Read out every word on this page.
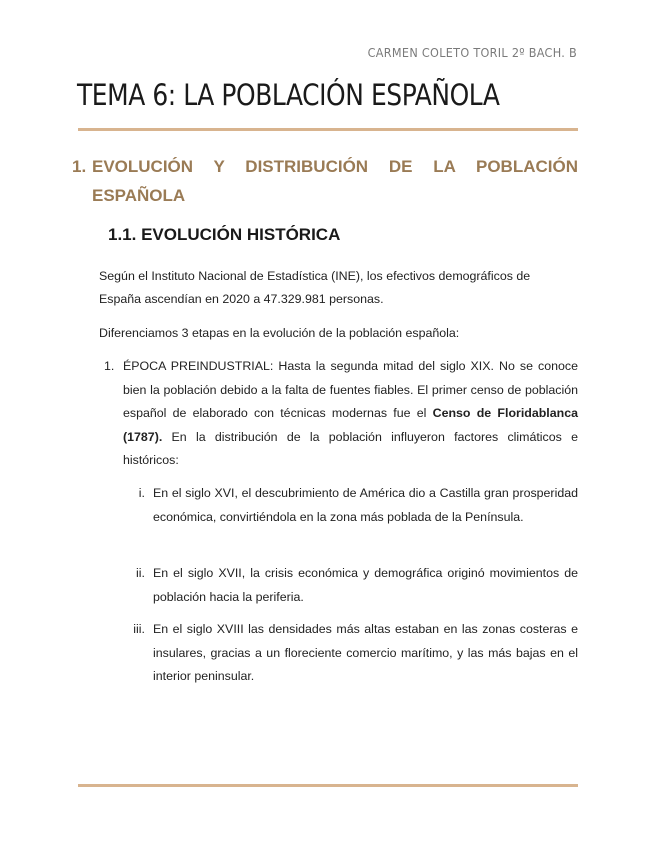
CARMEN COLETO TORIL 2º BACH. B
TEMA 6: LA POBLACIÓN ESPAÑOLA
1. EVOLUCIÓN Y DISTRIBUCIÓN DE LA POBLACIÓN
ESPAÑOLA
1.1. EVOLUCIÓN HISTÓRICA
Según el Instituto Nacional de Estadística (INE), los efectivos demográficos de España ascendían en 2020 a 47.329.981 personas.
Diferenciamos 3 etapas en la evolución de la población española:
1. ÉPOCA PREINDUSTRIAL: Hasta la segunda mitad del siglo XIX. No se conoce bien la población debido a la falta de fuentes fiables. El primer censo de población español de elaborado con técnicas modernas fue el Censo de Floridablanca (1787). En la distribución de la población influyeron factores climáticos e históricos:
i. En el siglo XVI, el descubrimiento de América dio a Castilla gran prosperidad económica, convirtiéndola en la zona más poblada de la Península.
ii. En el siglo XVII, la crisis económica y demográfica originó movimientos de población hacia la periferia.
iii. En el siglo XVIII las densidades más altas estaban en las zonas costeras e insulares, gracias a un floreciente comercio marítimo, y las más bajas en el interior peninsular.
